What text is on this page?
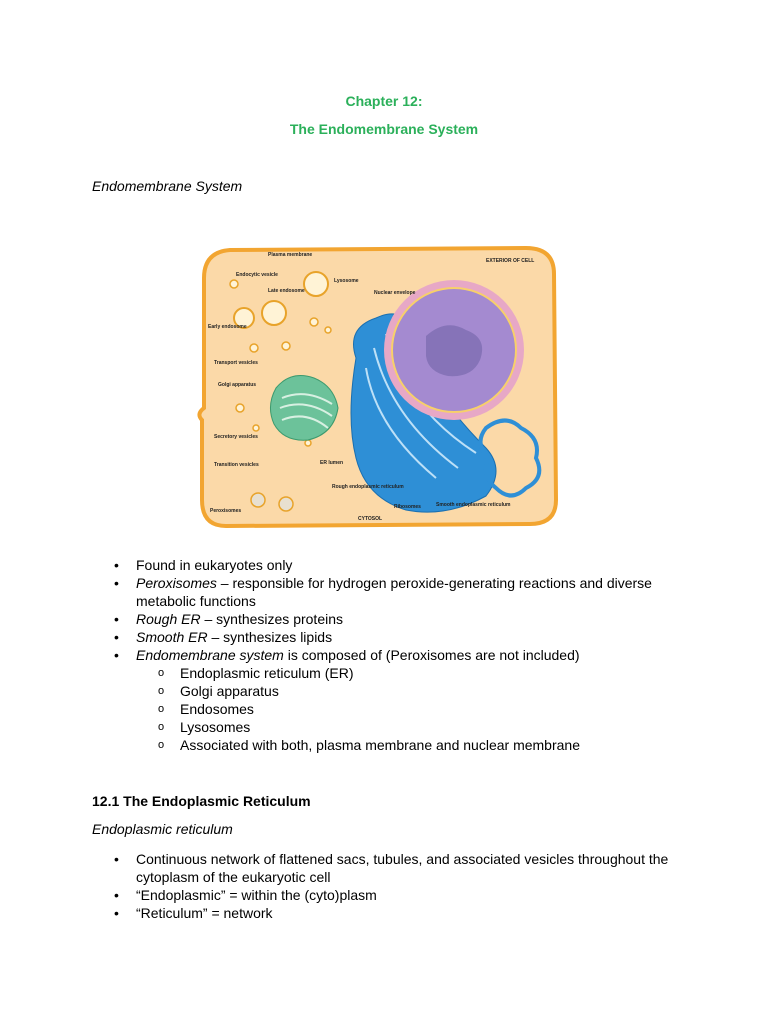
Chapter 12:
The Endomembrane System
Endomembrane System
Plasma membrane
EXTERIOR OF CELL
Endocytic vesicle
Late endosome
Lysosome
Nuclear envelope
Early endosome
Transport vesicles
Golgi apparatus
Secretory vesicles
Transition vesicles	ER lumen
Rough endoplasmic reticulum
Ribosomes	Smooth endoplasmic reticulum
Peroxisomes
CYTOSOL
• Found in eukaryotes only
• Peroxisomes – responsible for hydrogen peroxide-generating reactions and diverse metabolic functions
• Rough ER – synthesizes proteins
• Smooth ER – synthesizes lipids
• Endomembrane system is composed of (Peroxisomes are not included)
o Endoplasmic reticulum (ER)
o Golgi apparatus
o Endosomes
o Lysosomes
o Associated with both, plasma membrane and nuclear membrane
12.1 The Endoplasmic Reticulum
Endoplasmic reticulum
• Continuous network of flattened sacs, tubules, and associated vesicles throughout the cytoplasm of the eukaryotic cell
• “Endoplasmic” = within the (cyto)plasm
• “Reticulum” = network
